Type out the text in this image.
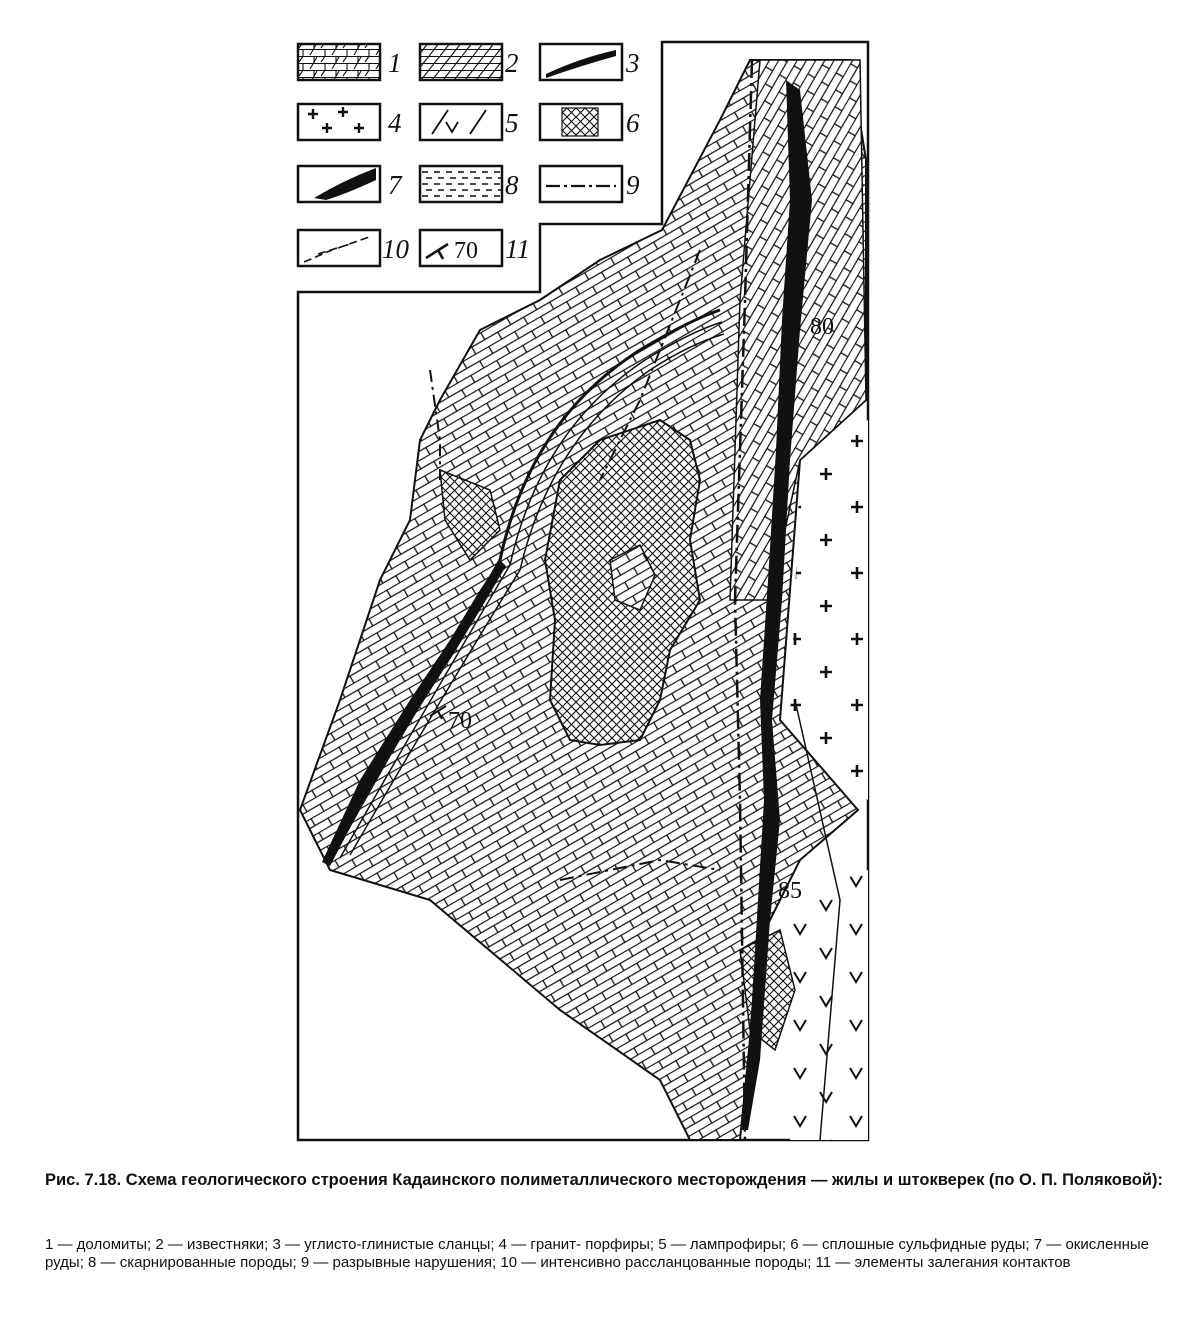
70
80
85
1	2	3
4	5	6
7	8	9
10 70 11

Рис. 7.18. Схема геологического строения Кадаинского полиметаллического месторождения — жилы и штокверек (по О. П. Поляковой):

1 — доломиты; 2 — известняки; 3 — углисто-глинистые сланцы; 4 — гранит- порфиры; 5 — лампрофиры; 6 — сплошные сульфидные руды; 7 — окисленные руды; 8 — скарнированные породы; 9 — разрывные нарушения; 10 — интенсивно рассланцованные породы; 11 — элементы залегания контактов
